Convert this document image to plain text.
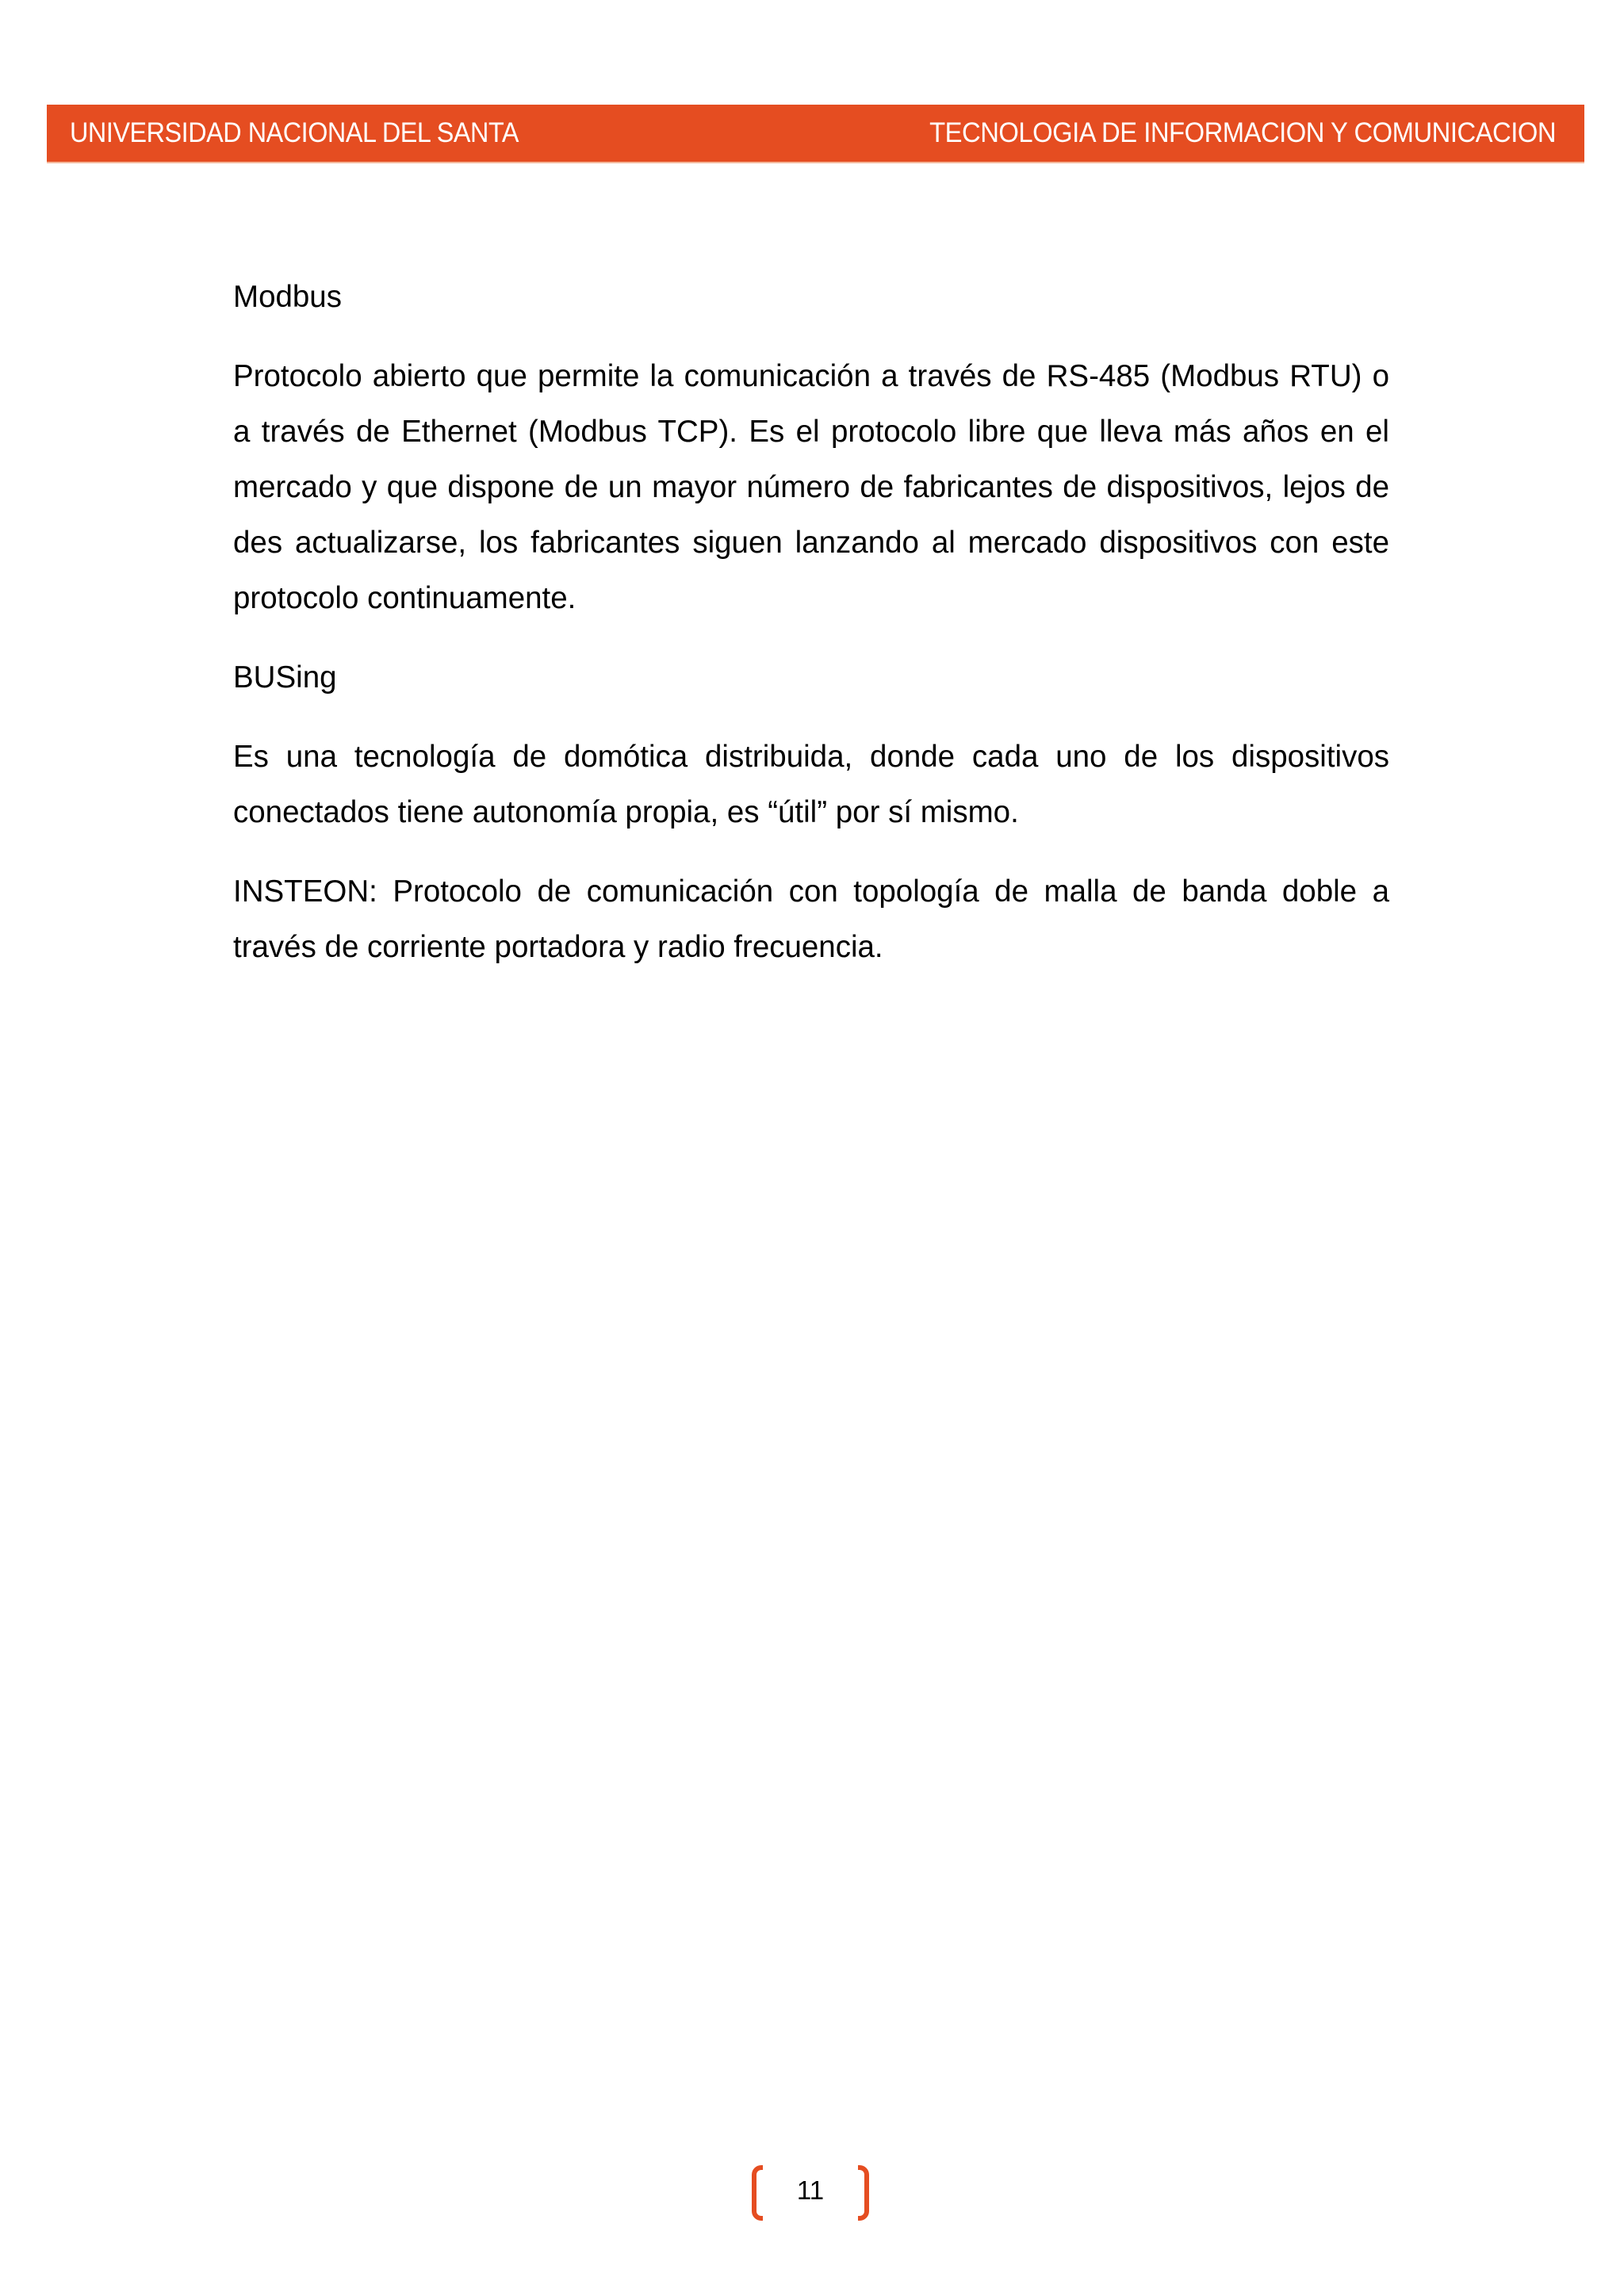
UNIVERSIDAD NACIONAL DEL SANTA	TECNOLOGIA DE INFORMACION Y COMUNICACION

Modbus

Protocolo abierto que permite la comunicación a través de RS-485 (Modbus RTU) o a través de Ethernet (Modbus TCP). Es el protocolo libre que lleva más años en el mercado y que dispone de un mayor número de fabricantes de dispositivos, lejos de des actualizarse, los fabricantes siguen lanzando al mercado dispositivos con este protocolo continuamente.

BUSing

Es una tecnología de domótica distribuida, donde cada uno de los dispositivos conectados tiene autonomía propia, es “útil” por sí mismo.

INSTEON: Protocolo de comunicación con topología de malla de banda doble a través de corriente portadora y radio frecuencia.

11
